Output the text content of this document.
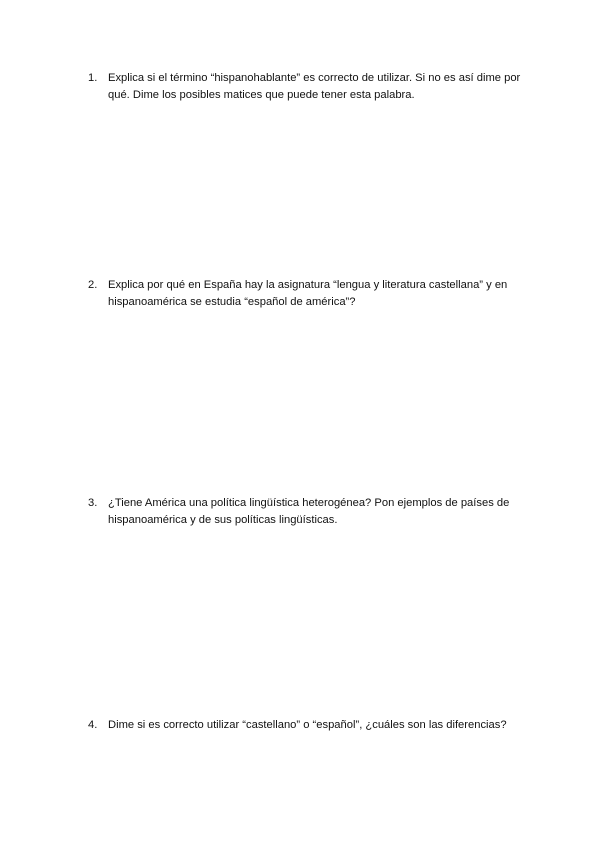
1. Explica si el término “hispanohablante” es correcto de utilizar. Si no es así dime por
qué. Dime los posibles matices que puede tener esta palabra.
2. Explica por qué en España hay la asignatura “lengua y literatura castellana” y en
hispanoamérica se estudia “español de américa”?
3. ¿Tiene América una política lingüística heterogénea? Pon ejemplos de países de
hispanoamérica y de sus políticas lingüísticas.
4. Dime si es correcto utilizar “castellano” o “español”, ¿cuáles son las diferencias?
